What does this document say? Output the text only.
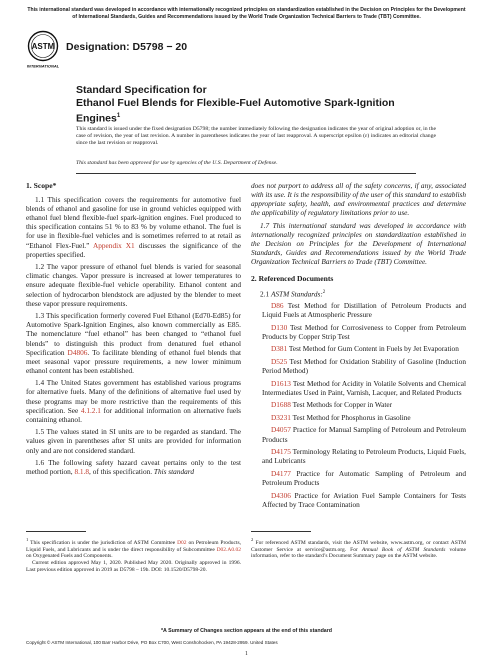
This international standard was developed in accordance with internationally recognized principles on standardization established in the Decision on Principles for the Development of International Standards, Guides and Recommendations issued by the World Trade Organization Technical Barriers to Trade (TBT) Committee.
ASTM
INTERNATIONAL
Designation: D5798 − 20
Standard Specification for
Ethanol Fuel Blends for Flexible-Fuel Automotive Spark-Ignition Engines$^1$
This standard is issued under the fixed designation D5798; the number immediately following the designation indicates the year of original adoption or, in the case of revision, the year of last revision. A number in parentheses indicates the year of last reapproval. A superscript epsilon (ε) indicates an editorial change since the last revision or reapproval.
This standard has been approved for use by agencies of the U.S. Department of Defense.
1. Scope*

1.1 This specification covers the requirements for automotive fuel blends of ethanol and gasoline for use in ground vehicles equipped with ethanol fuel blend flexible-fuel spark-ignition engines. Fuel produced to this specification contains 51 % to 83 % by volume ethanol. The fuel is for use in flexible-fuel vehicles and is sometimes referred to at retail as “Ethanol Flex-Fuel.” Appendix X1 discusses the significance of the properties specified.

1.2 The vapor pressure of ethanol fuel blends is varied for seasonal climatic changes. Vapor pressure is increased at lower temperatures to ensure adequate flexible-fuel vehicle operability. Ethanol content and selection of hydrocarbon blendstock are adjusted by the blender to meet these vapor pressure requirements.

1.3 This specification formerly covered Fuel Ethanol (Ed70-Ed85) for Automotive Spark-Ignition Engines, also known commercially as E85. The nomenclature “fuel ethanol” has been changed to “ethanol fuel blends” to distinguish this product from denatured fuel ethanol Specification D4806. To facilitate blending of ethanol fuel blends that meet seasonal vapor pressure requirements, a new lower minimum ethanol content has been established.

1.4 The United States government has established various programs for alternative fuels. Many of the definitions of alternative fuel used by these programs may be more restrictive than the requirements of this specification. See 4.1.2.1 for additional information on alternative fuels containing ethanol.

1.5 The values stated in SI units are to be regarded as standard. The values given in parentheses after SI units are provided for information only and are not considered standard.

1.6 The following safety hazard caveat pertains only to the test method portion, 8.1.8, of this specification. This standard

does not purport to address all of the safety concerns, if any, associated with its use. It is the responsibility of the user of this standard to establish appropriate safety, health, and environmental practices and determine the applicability of regulatory limitations prior to use.

1.7 This international standard was developed in accordance with internationally recognized principles on standardization established in the Decision on Principles for the Development of International Standards, Guides and Recommendations issued by the World Trade Organization Technical Barriers to Trade (TBT) Committee.

2. Referenced Documents

2.1 ASTM Standards:$^2$

D86 Test Method for Distillation of Petroleum Products and Liquid Fuels at Atmospheric Pressure

D130 Test Method for Corrosiveness to Copper from Petroleum Products by Copper Strip Test

D381 Test Method for Gum Content in Fuels by Jet Evaporation

D525 Test Method for Oxidation Stability of Gasoline (Induction Period Method)

D1613 Test Method for Acidity in Volatile Solvents and Chemical Intermediates Used in Paint, Varnish, Lacquer, and Related Products

D1688 Test Methods for Copper in Water

D3231 Test Method for Phosphorus in Gasoline

D4057 Practice for Manual Sampling of Petroleum and Petroleum Products

D4175 Terminology Relating to Petroleum Products, Liquid Fuels, and Lubricants

D4177 Practice for Automatic Sampling of Petroleum and Petroleum Products

D4306 Practice for Aviation Fuel Sample Containers for Tests Affected by Trace Contamination

$^1$ This specification is under the jurisdiction of ASTM Committee D02 on Petroleum Products, Liquid Fuels, and Lubricants and is under the direct responsibility of Subcommittee D02.A0.02 on Oxygenated Fuels and Components.
Current edition approved May 1, 2020. Published May 2020. Originally approved in 1996. Last previous edition approved in 2019 as D5798 – 19b. DOI: 10.1520/D5798-20.
$^2$ For referenced ASTM standards, visit the ASTM website, www.astm.org, or contact ASTM Customer Service at service@astm.org. For Annual Book of ASTM Standards volume information, refer to the standard’s Document Summary page on the ASTM website.
*A Summary of Changes section appears at the end of this standard
Copyright © ASTM International, 100 Barr Harbor Drive, PO Box C700, West Conshohocken, PA 19428-2959. United States
1
